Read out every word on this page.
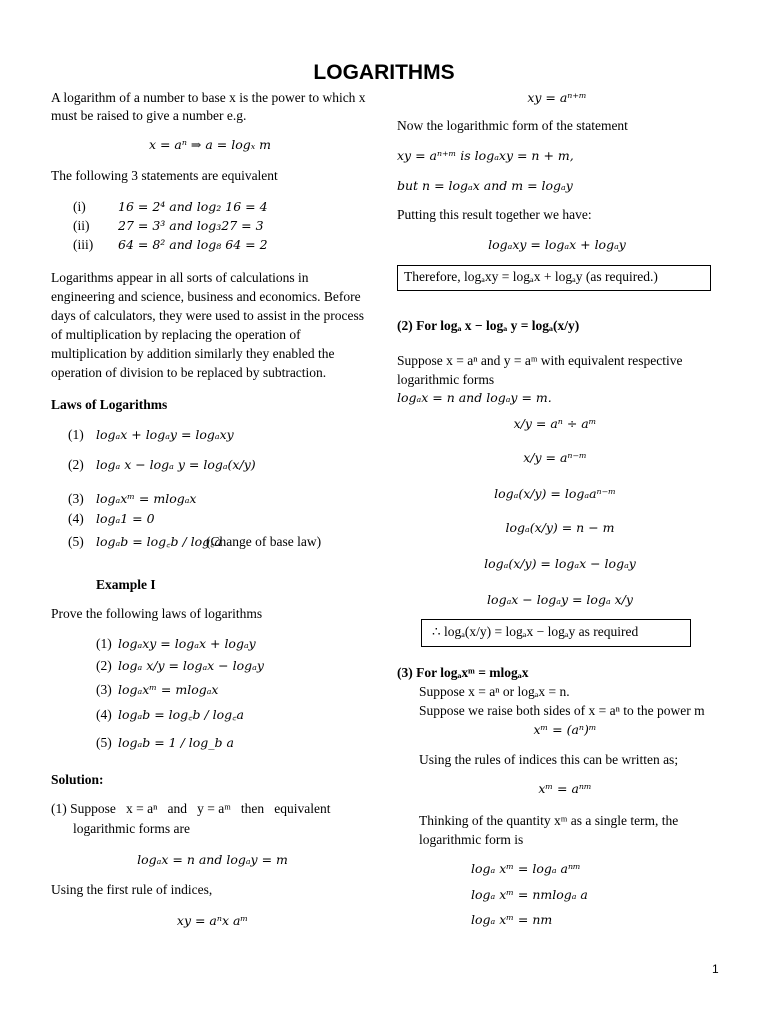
LOGARITHMS
A logarithm of a number to base x is the power to which x
must be raised to give a number e.g.
x = aⁿ ⇒ a = logₓ m
The following 3 statements are equivalent
(i)	16 = 2⁴ and log₂ 16 = 4
(ii) 27 = 3³ and log₃27 = 3
(iii) 64 = 8² and log₈ 64 = 2
Logarithms appear in all sorts of calculations in
engineering and science, business and economics. Before
days of calculators, they were used to assist in the process
of multiplication by replacing the operation of
multiplication by addition similarly they enabled the
operation of division to be replaced by subtraction.
Laws of Logarithms
(1) logₐx + logₐy = logₐxy
(2) logₐ x − logₐ y = logₐ(x/y)
(3) logₐxᵐ = mlogₐx
(4) logₐ1 = 0
(5) logₐb = log꜀b / log꜀a
(Change of base law)
Example I
Prove the following laws of logarithms
(1) logₐxy = logₐx + logₐy
(2) logₐ x/y = logₐx − logₐy
(3) logₐxᵐ = mlogₐx
(4) logₐb = log꜀b / log꜀a
(5) logₐb = 1 / log_b a
Solution:
(1) Suppose   x = aⁿ   and   y = aᵐ   then   equivalent
logarithmic forms are
logₐx = n and logₐy = m
Using the first rule of indices,
xy = aⁿx aᵐ
xy = aⁿ⁺ᵐ
Now the logarithmic form of the statement
xy = aⁿ⁺ᵐ is logₐxy = n + m,
but n = logₐx and m = logₐy
Putting this result together we have:
logₐxy = logₐx + logₐy
Therefore, logₐxy = logₐx + logₐy (as required.)
(2) For logₐ x − logₐ y = logₐ(x/y)
Suppose x = aⁿ and y = aᵐ with equivalent respective
logarithmic forms
logₐx = n and logₐy = m.
x/y = aⁿ ÷ aᵐ
x/y = aⁿ⁻ᵐ
logₐ(x/y) = logₐaⁿ⁻ᵐ
logₐ(x/y) = n − m
logₐ(x/y) = logₐx − logₐy
logₐx − logₐy = logₐ x/y
∴ logₐ(x/y) = logₐx − logₐy as required
(3) For logₐxᵐ = mlogₐx
Suppose x = aⁿ or logₐx = n.
Suppose we raise both sides of x = aⁿ to the power m
xᵐ = (aⁿ)ᵐ
Using the rules of indices this can be written as;
xᵐ = aⁿᵐ
Thinking of the quantity xᵐ as a single term, the
logarithmic form is
logₐ xᵐ = logₐ aⁿᵐ
logₐ xᵐ = nmlogₐ a
logₐ xᵐ = nm
1
